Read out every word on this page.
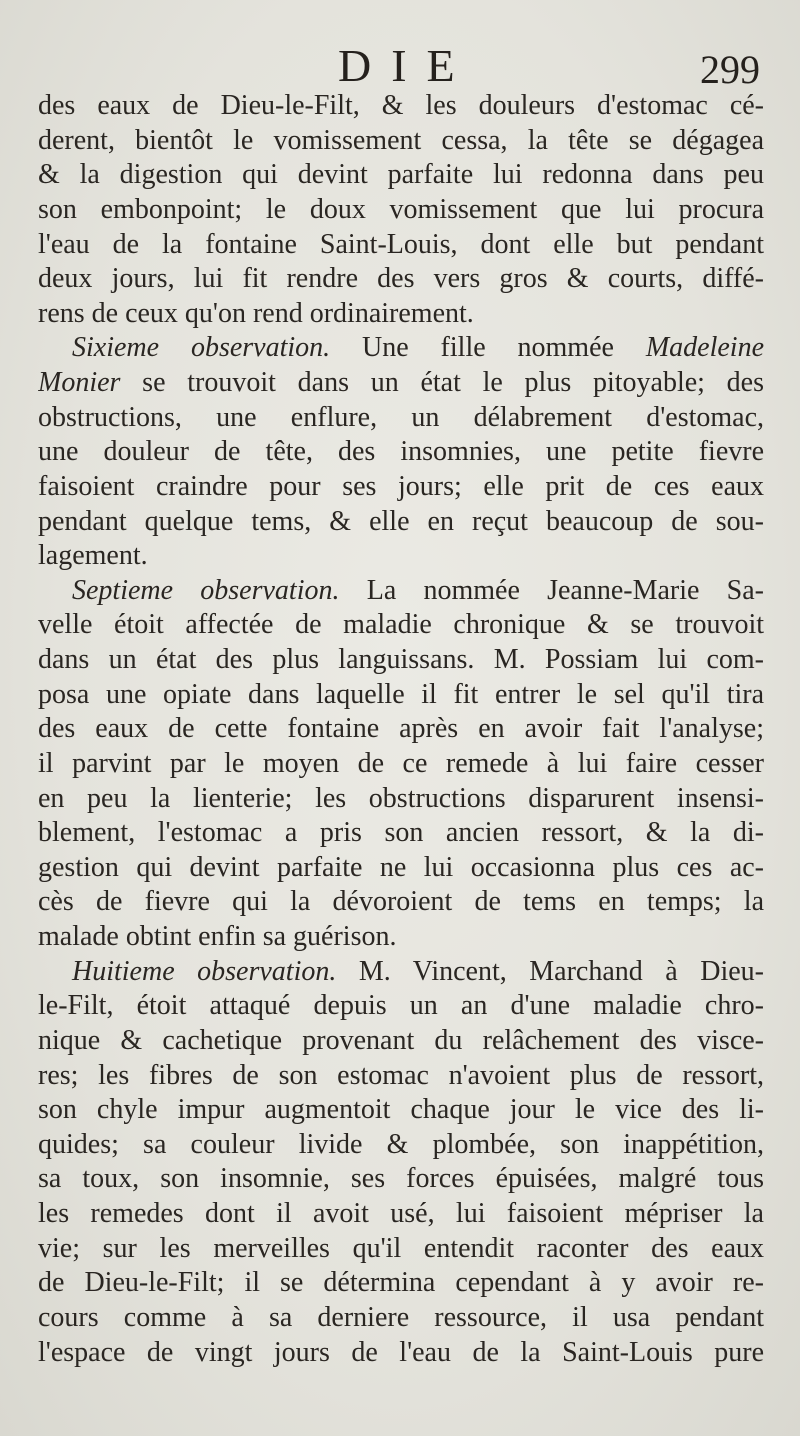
DIE	299
des eaux de Dieu-le-Filt, & les douleurs d'estomac cé-
derent, bientôt le vomissement cessa, la tête se dégagea
& la digestion qui devint parfaite lui redonna dans peu
son embonpoint; le doux vomissement que lui procura
l'eau de la fontaine Saint-Louis, dont elle but pendant
deux jours, lui fit rendre des vers gros & courts, diffé-
rens de ceux qu'on rend ordinairement.
Sixieme observation. Une fille nommée Madeleine
Monier se trouvoit dans un état le plus pitoyable; des
obstructions, une enflure, un délabrement d'estomac,
une douleur de tête, des insomnies, une petite fievre
faisoient craindre pour ses jours; elle prit de ces eaux
pendant quelque tems, & elle en reçut beaucoup de sou-
lagement.
Septieme observation. La nommée Jeanne-Marie Sa-
velle étoit affectée de maladie chronique & se trouvoit
dans un état des plus languissans. M. Possiam lui com-
posa une opiate dans laquelle il fit entrer le sel qu'il tira
des eaux de cette fontaine après en avoir fait l'analyse;
il parvint par le moyen de ce remede à lui faire cesser
en peu la lienterie; les obstructions disparurent insensi-
blement, l'estomac a pris son ancien ressort, & la di-
gestion qui devint parfaite ne lui occasionna plus ces ac-
cès de fievre qui la dévoroient de tems en temps; la
malade obtint enfin sa guérison.
Huitieme observation. M. Vincent, Marchand à Dieu-
le-Filt, étoit attaqué depuis un an d'une maladie chro-
nique & cachetique provenant du relâchement des visce-
res; les fibres de son estomac n'avoient plus de ressort,
son chyle impur augmentoit chaque jour le vice des li-
quides; sa couleur livide & plombée, son inappétition,
sa toux, son insomnie, ses forces épuisées, malgré tous
les remedes dont il avoit usé, lui faisoient mépriser la
vie; sur les merveilles qu'il entendit raconter des eaux
de Dieu-le-Filt; il se détermina cependant à y avoir re-
cours comme à sa derniere ressource, il usa pendant
l'espace de vingt jours de l'eau de la Saint-Louis pure
